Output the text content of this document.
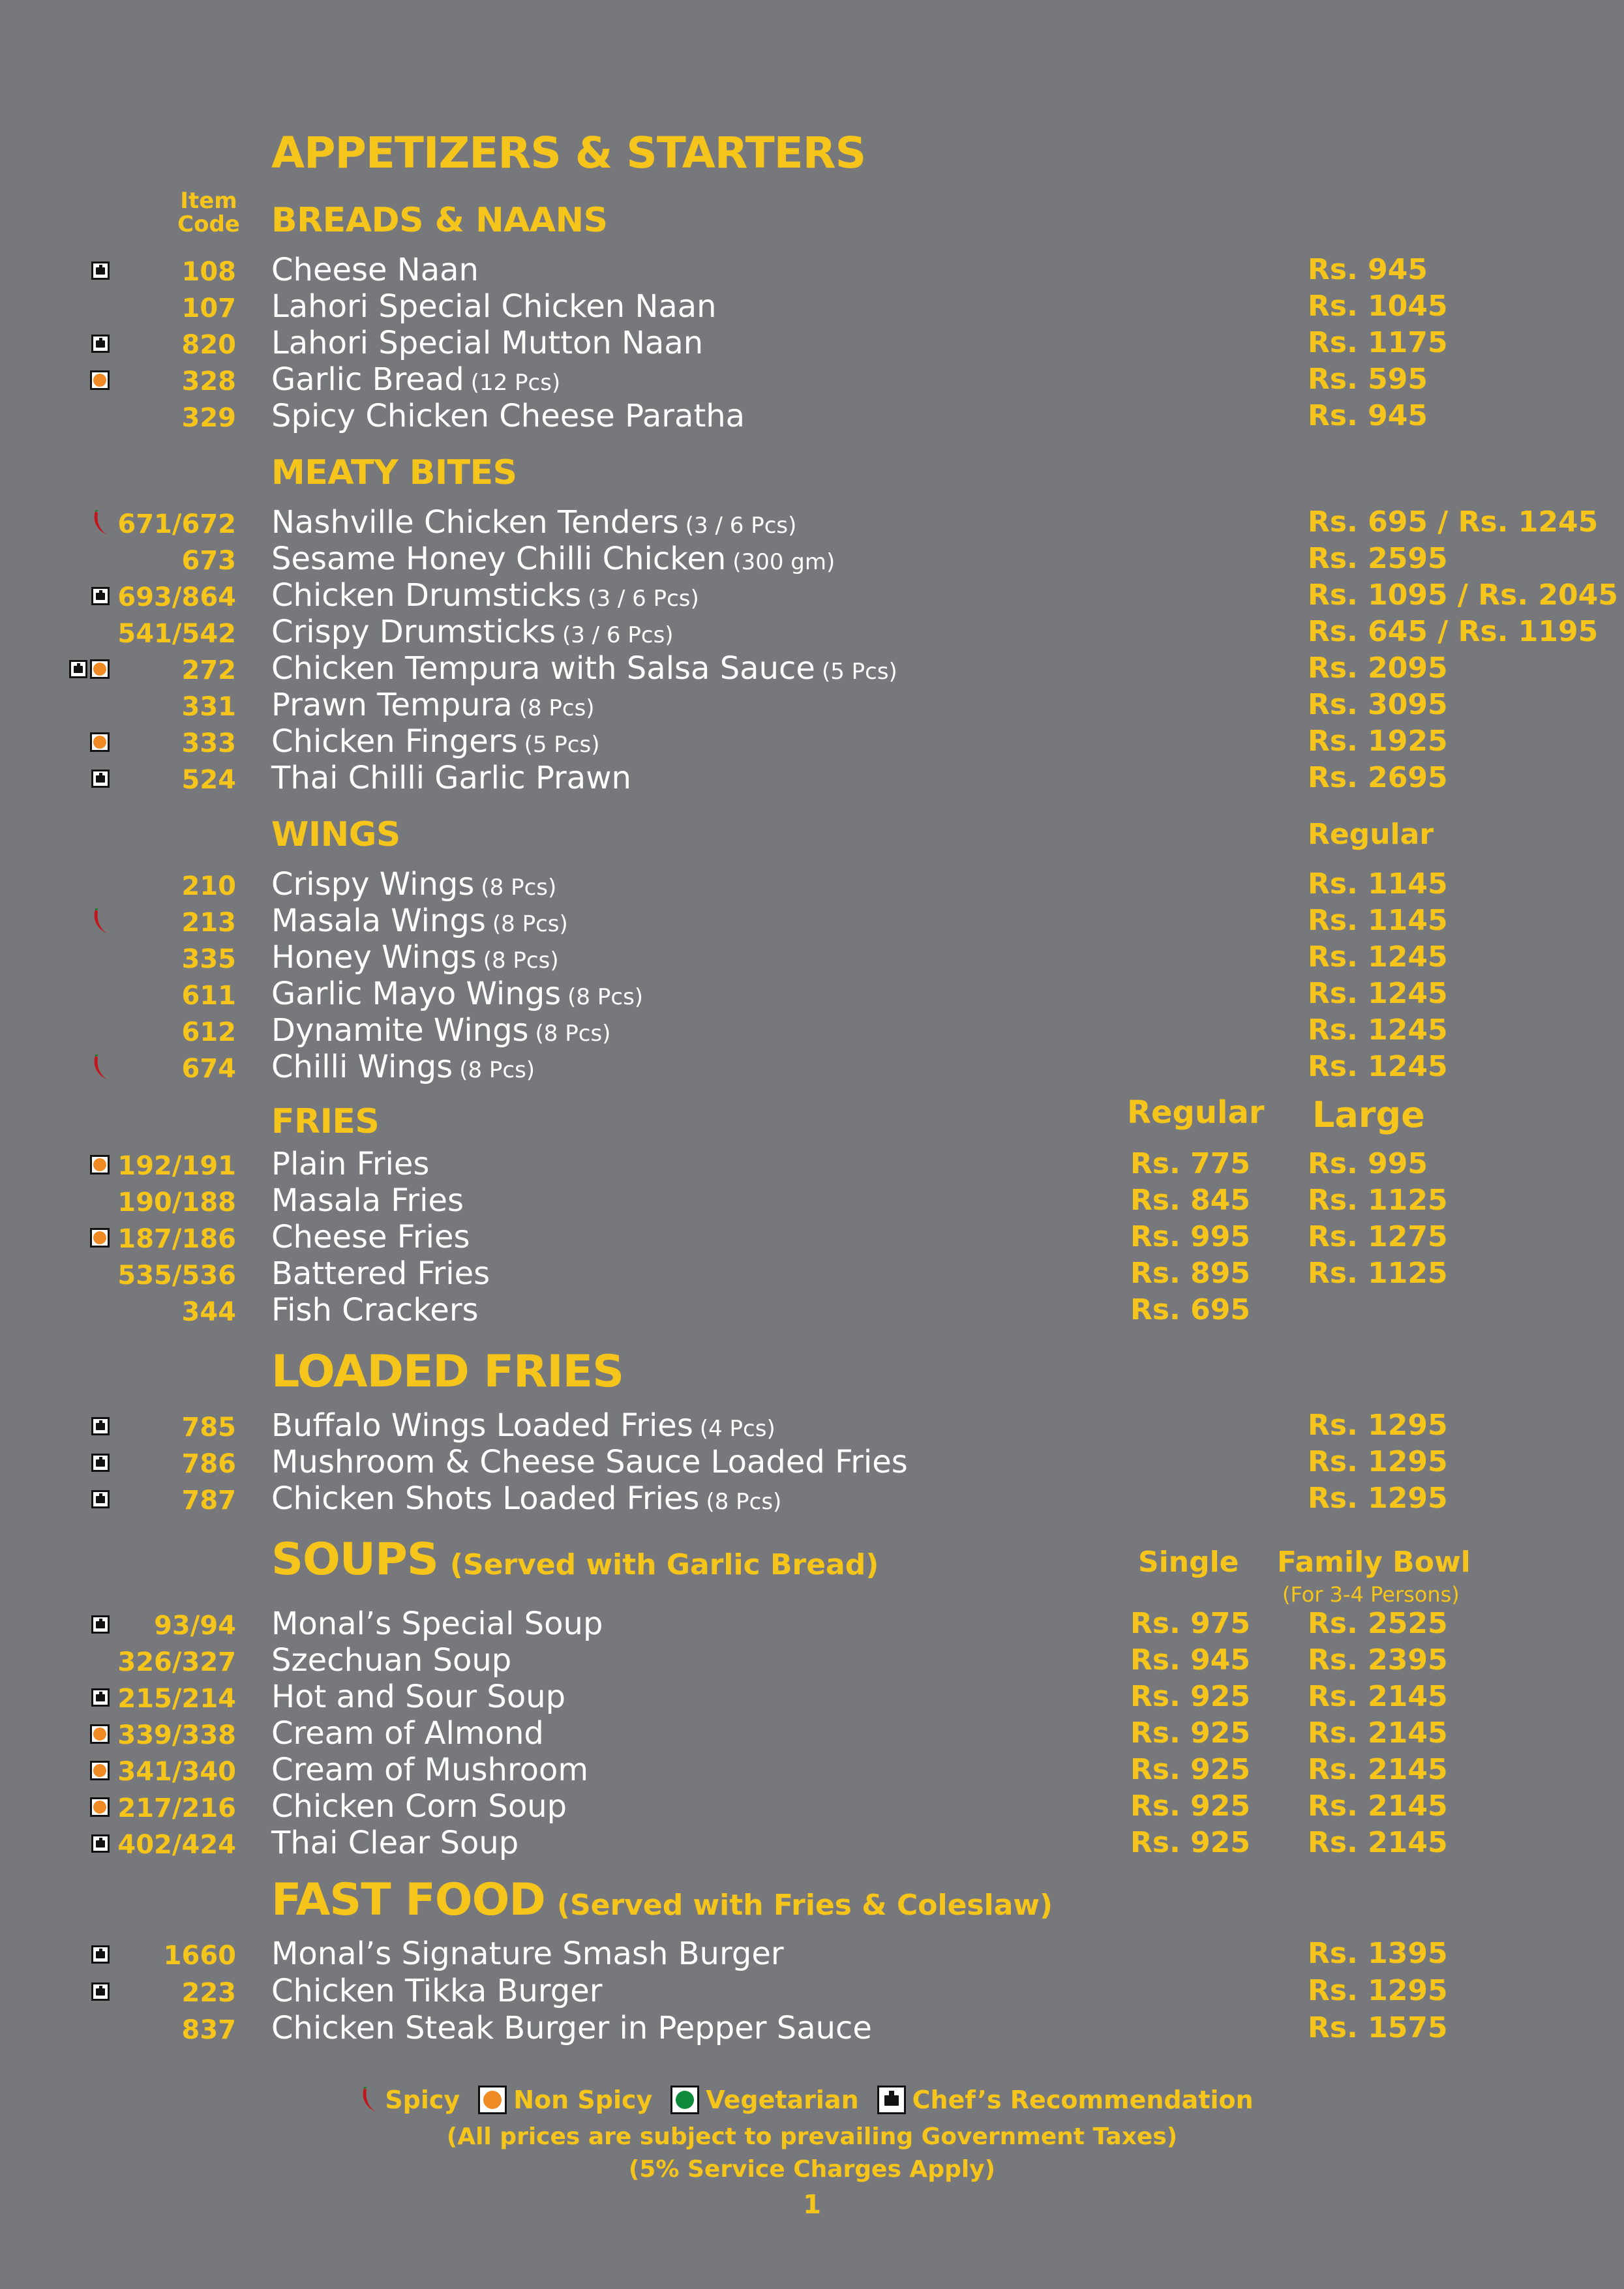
APPETIZERS & STARTERS
Item
Code BREADS & NAANS
108 Cheese Naan	Rs. 945
107 Lahori Special Chicken Naan	Rs. 1045
820 Lahori Special Mutton Naan	Rs. 1175
328 Garlic Bread (12 Pcs)	Rs. 595
329 Spicy Chicken Cheese Paratha	Rs. 945
MEATY BITES
671/672 Nashville Chicken Tenders (3 / 6 Pcs)	Rs. 695 / Rs. 1245
673 Sesame Honey Chilli Chicken (300 gm)	Rs. 2595
693/864 Chicken Drumsticks (3 / 6 Pcs)	Rs. 1095 / Rs. 2045
541/542 Crispy Drumsticks (3 / 6 Pcs)	Rs. 645 / Rs. 1195
272 Chicken Tempura with Salsa Sauce (5 Pcs)	Rs. 2095
331 Prawn Tempura (8 Pcs)	Rs. 3095
333 Chicken Fingers (5 Pcs)	Rs. 1925
524 Thai Chilli Garlic Prawn	Rs. 2695
WINGS	Regular
210 Crispy Wings (8 Pcs)	Rs. 1145
213 Masala Wings (8 Pcs)	Rs. 1145
335 Honey Wings (8 Pcs)	Rs. 1245
611 Garlic Mayo Wings (8 Pcs)	Rs. 1245
612 Dynamite Wings (8 Pcs)	Rs. 1245
674 Chilli Wings (8 Pcs)	Rs. 1245
FRIES	Regular Large
192/191 Plain Fries	Rs. 775 Rs. 995
190/188 Masala Fries	Rs. 845 Rs. 1125
187/186 Cheese Fries	Rs. 995 Rs. 1275
535/536 Battered Fries	Rs. 895 Rs. 1125
344 Fish Crackers	Rs. 695
LOADED FRIES
785 Buffalo Wings Loaded Fries (4 Pcs)	Rs. 1295
786 Mushroom & Cheese Sauce Loaded Fries	Rs. 1295
787 Chicken Shots Loaded Fries (8 Pcs)	Rs. 1295
SOUPS (Served with Garlic Bread)	Single Family Bowl
(For 3-4 Persons)
93/94 Monal’s Special Soup	Rs. 975 Rs. 2525
326/327 Szechuan Soup	Rs. 945 Rs. 2395
215/214 Hot and Sour Soup	Rs. 925 Rs. 2145
339/338 Cream of Almond	Rs. 925 Rs. 2145
341/340 Cream of Mushroom	Rs. 925 Rs. 2145
217/216 Chicken Corn Soup	Rs. 925 Rs. 2145
402/424 Thai Clear Soup	Rs. 925 Rs. 2145
FAST FOOD (Served with Fries & Coleslaw)
1660 Monal’s Signature Smash Burger	Rs. 1395
223 Chicken Tikka Burger	Rs. 1295
837 Chicken Steak Burger in Pepper Sauce	Rs. 1575
Spicy Non Spicy Vegetarian Chef’s Recommendation
(All prices are subject to prevailing Government Taxes)
(5% Service Charges Apply)
1
